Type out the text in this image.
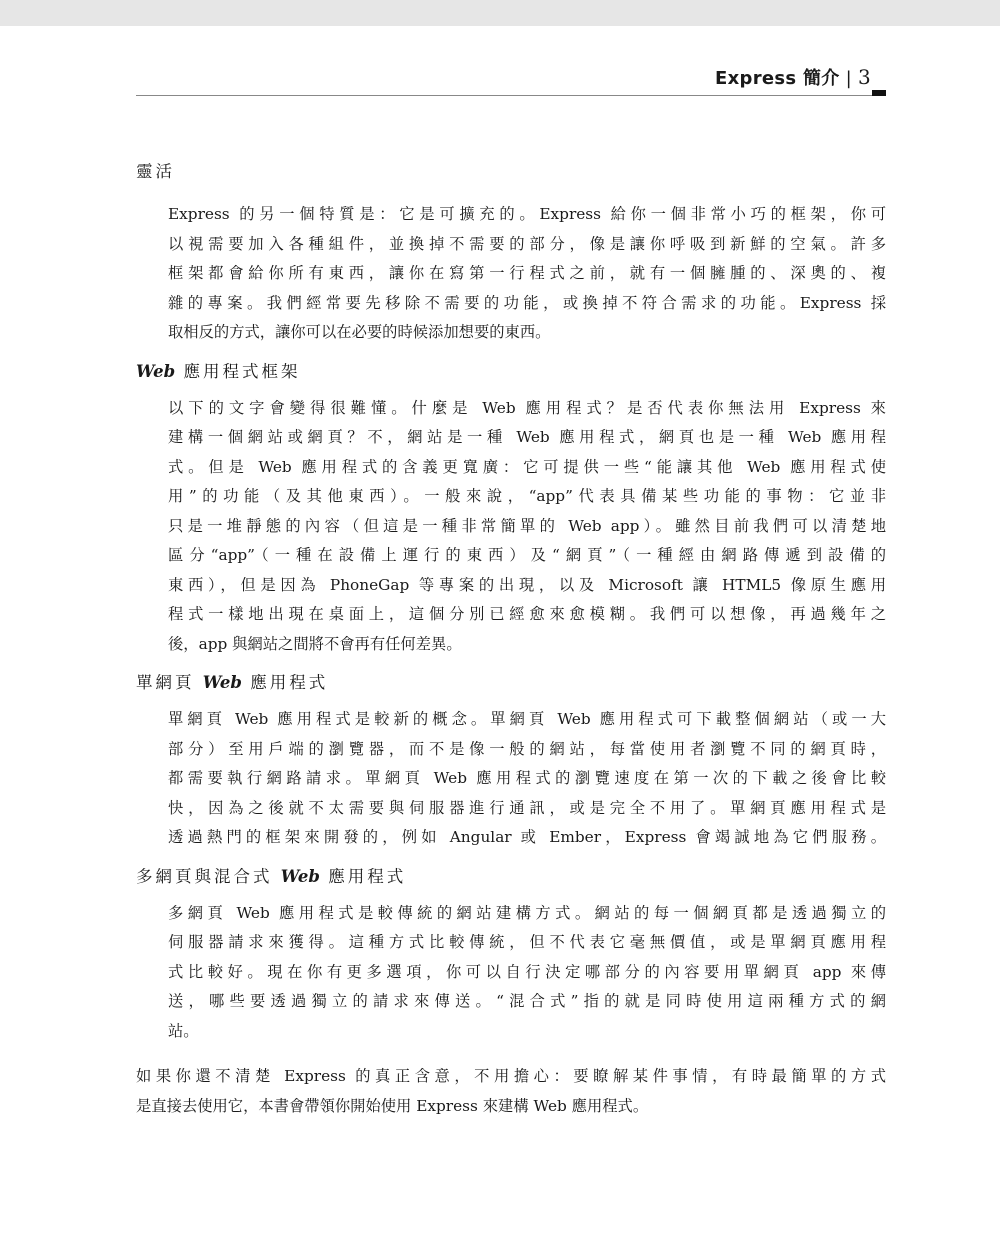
Express 簡介 | 3
靈活
Express 的另一個特質是：它是可擴充的。Express 給你一個非常小巧的框架，你可
以視需要加入各種組件，並換掉不需要的部分，像是讓你呼吸到新鮮的空氣。許多
框架都會給你所有東西，讓你在寫第一行程式之前，就有一個臃腫的、深奧的、複
雜的專案。我們經常要先移除不需要的功能，或換掉不符合需求的功能。Express 採
取相反的方式，讓你可以在必要的時候添加想要的東西。
Web 應用程式框架
以下的文字會變得很難懂。什麼是 Web 應用程式？是否代表你無法用 Express 來
建構一個網站或網頁？不，網站是一種 Web 應用程式，網頁也是一種 Web 應用程
式。但是 Web 應用程式的含義更寬廣：它可提供一些“能讓其他 Web 應用程式使
用”的功能（及其他東西）。一般來說，“app”代表具備某些功能的事物：它並非
只是一堆靜態的內容（但這是一種非常簡單的 Web app）。雖然目前我們可以清楚地
區分“app”（一種在設備上運行的東西）及“網頁”（一種經由網路傳遞到設備的
東西），但是因為 PhoneGap 等專案的出現，以及 Microsoft 讓 HTML5 像原生應用
程式一樣地出現在桌面上，這個分別已經愈來愈模糊。我們可以想像，再過幾年之
後，app 與網站之間將不會再有任何差異。
單網頁 Web 應用程式
單網頁 Web 應用程式是較新的概念。單網頁 Web 應用程式可下載整個網站（或一大
部分）至用戶端的瀏覽器，而不是像一般的網站，每當使用者瀏覽不同的網頁時，
都需要執行網路請求。單網頁 Web 應用程式的瀏覽速度在第一次的下載之後會比較
快，因為之後就不太需要與伺服器進行通訊，或是完全不用了。單網頁應用程式是
透過熱門的框架來開發的，例如 Angular 或 Ember，Express 會竭誠地為它們服務。
多網頁與混合式 Web 應用程式
多網頁 Web 應用程式是較傳統的網站建構方式。網站的每一個網頁都是透過獨立的
伺服器請求來獲得。這種方式比較傳統，但不代表它毫無價值，或是單網頁應用程
式比較好。現在你有更多選項，你可以自行決定哪部分的內容要用單網頁 app 來傳
送，哪些要透過獨立的請求來傳送。“混合式”指的就是同時使用這兩種方式的網
站。
如果你還不清楚 Express 的真正含意，不用擔心：要瞭解某件事情，有時最簡單的方式
是直接去使用它，本書會帶領你開始使用 Express 來建構 Web 應用程式。
